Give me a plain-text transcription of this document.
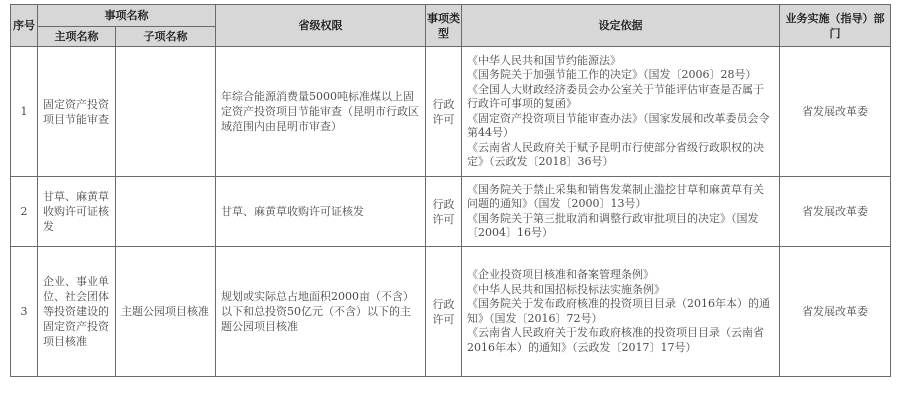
序号	事项名称		省级权限	事项类型	设定依据	业务实施（指导）部门
	主项名称	子项名称				
1	固定资产投资项目节能审查		年综合能源消费量5000吨标准煤以上固定资产投资项目节能审查（昆明市行政区域范围内由昆明市审查）	行政许可	《中华人民共和国节约能源法》
《国务院关于加强节能工作的决定》（国发〔2006〕28号）
《全国人大财政经济委员会办公室关于节能评估审查是否属于行政许可事项的复函》
《固定资产投资项目节能审查办法》（国家发展和改革委员会令第44号）
《云南省人民政府关于赋予昆明市行使部分省级行政职权的决定》（云政发〔2018〕36号）	省发展改革委
2	甘草、麻黄草收购许可证核发		甘草、麻黄草收购许可证核发	行政许可	《国务院关于禁止采集和销售发菜制止滥挖甘草和麻黄草有关问题的通知》（国发〔2000〕13号）
《国务院关于第三批取消和调整行政审批项目的决定》（国发〔2004〕16号）	省发展改革委
3	企业、事业单位、社会团体等投资建设的固定资产投资项目核准	主题公园项目核准	规划或实际总占地面积2000亩（不含）以下和总投资50亿元（不含）以下的主题公园项目核准	行政许可	《企业投资项目核准和备案管理条例》
《中华人民共和国招标投标法实施条例》
《国务院关于发布政府核准的投资项目目录（2016年本）的通知》（国发〔2016〕72号）
《云南省人民政府关于发布政府核准的投资项目目录（云南省2016年本）的通知》（云政发〔2017〕17号）	省发展改革委
